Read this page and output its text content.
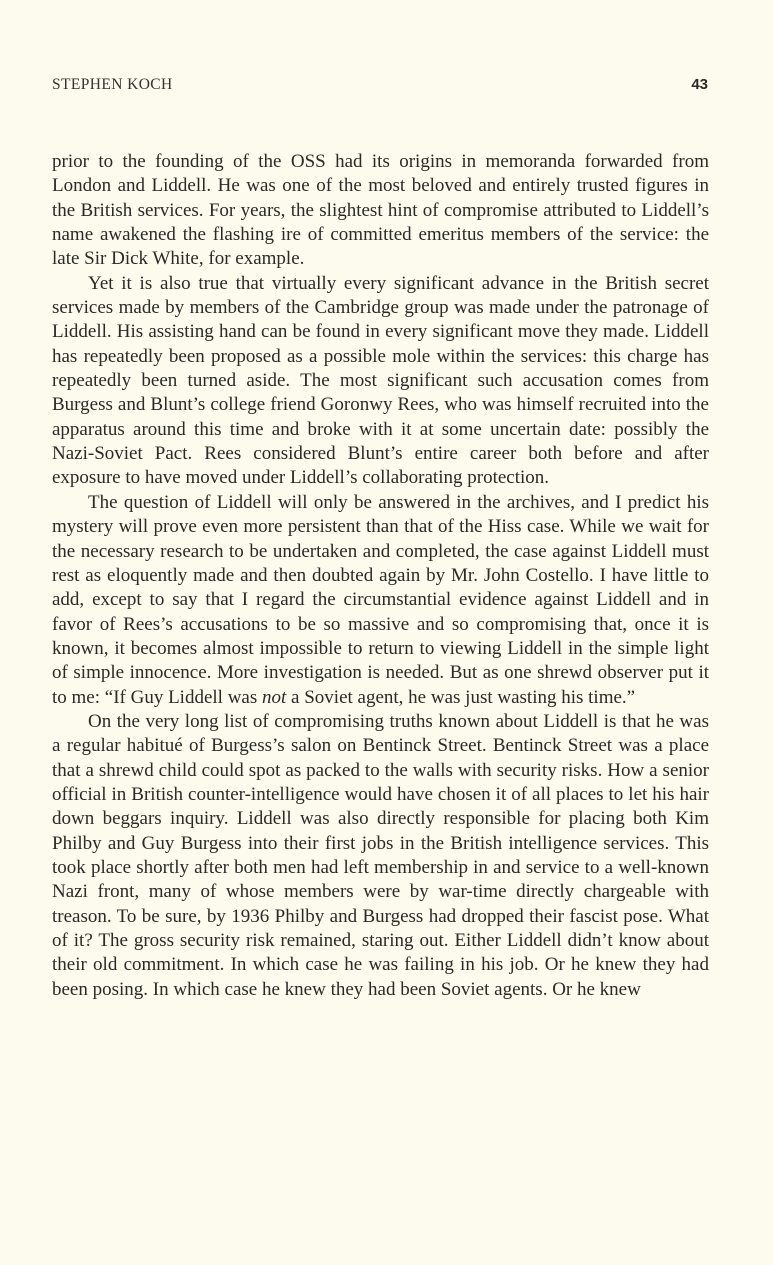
STEPHEN KOCH	43

prior to the founding of the OSS had its origins in memoranda forwarded from London and Liddell. He was one of the most beloved and entirely trusted figures in the British services. For years, the slightest hint of compromise attributed to Liddell’s name awakened the flashing ire of committed emeritus members of the service: the late Sir Dick White, for example.

Yet it is also true that virtually every significant advance in the British secret services made by members of the Cambridge group was made under the patronage of Liddell. His assisting hand can be found in every significant move they made. Liddell has repeatedly been proposed as a possible mole within the services: this charge has repeatedly been turned aside. The most significant such accusation comes from Burgess and Blunt’s college friend Goronwy Rees, who was himself recruited into the apparatus around this time and broke with it at some uncertain date: possibly the Nazi-Soviet Pact. Rees considered Blunt’s entire career both before and after exposure to have moved under Liddell’s collaborating protection.

The question of Liddell will only be answered in the archives, and I predict his mystery will prove even more persistent than that of the Hiss case. While we wait for the necessary research to be undertaken and completed, the case against Liddell must rest as eloquently made and then doubted again by Mr. John Costello. I have little to add, except to say that I regard the circumstantial evidence against Liddell and in favor of Rees’s accusations to be so massive and so compromising that, once it is known, it becomes almost impossible to return to viewing Liddell in the simple light of simple innocence. More investigation is needed. But as one shrewd observer put it to me: “If Guy Liddell was not a Soviet agent, he was just wasting his time.”

On the very long list of compromising truths known about Liddell is that he was a regular habitué of Burgess’s salon on Bentinck Street. Bentinck Street was a place that a shrewd child could spot as packed to the walls with security risks. How a senior official in British counter-intelligence would have chosen it of all places to let his hair down beggars inquiry. Liddell was also directly responsible for placing both Kim Philby and Guy Burgess into their first jobs in the British intelligence services. This took place shortly after both men had left membership in and service to a well-known Nazi front, many of whose members were by war-time directly chargeable with treason. To be sure, by 1936 Philby and Burgess had dropped their fascist pose. What of it? The gross security risk remained, staring out. Either Liddell didn’t know about their old commitment. In which case he was failing in his job. Or he knew they had been posing. In which case he knew they had been Soviet agents. Or he knew
